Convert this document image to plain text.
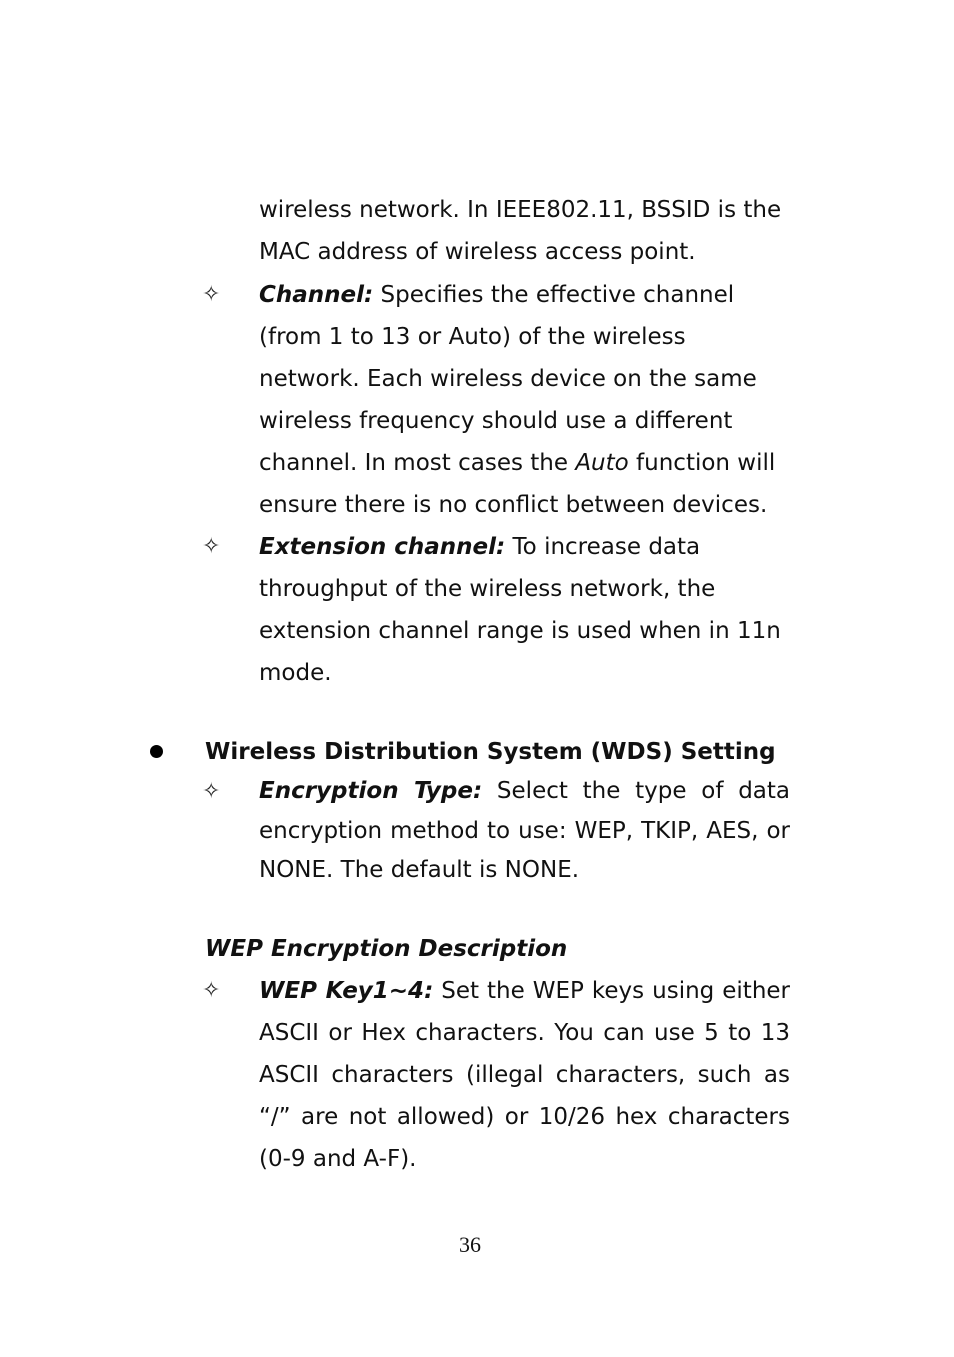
wireless network. In IEEE802.11, BSSID is the MAC address of wireless access point.

✧ Channel: Specifies the effective channel (from 1 to 13 or Auto) of the wireless network. Each wireless device on the same wireless frequency should use a different channel. In most cases the Auto function will ensure there is no conflict between devices.

✧ Extension channel: To increase data throughput of the wireless network, the extension channel range is used when in 11n mode.

Wireless Distribution System (WDS) Setting

✧ Encryption Type: Select the type of data encryption method to use: WEP, TKIP, AES, or NONE. The default is NONE.

WEP Encryption Description

✧ WEP Key1~4: Set the WEP keys using either ASCII or Hex characters. You can use 5 to 13 ASCII characters (illegal characters, such as “/” are not allowed) or 10/26 hex characters (0-9 and A-F).

36
